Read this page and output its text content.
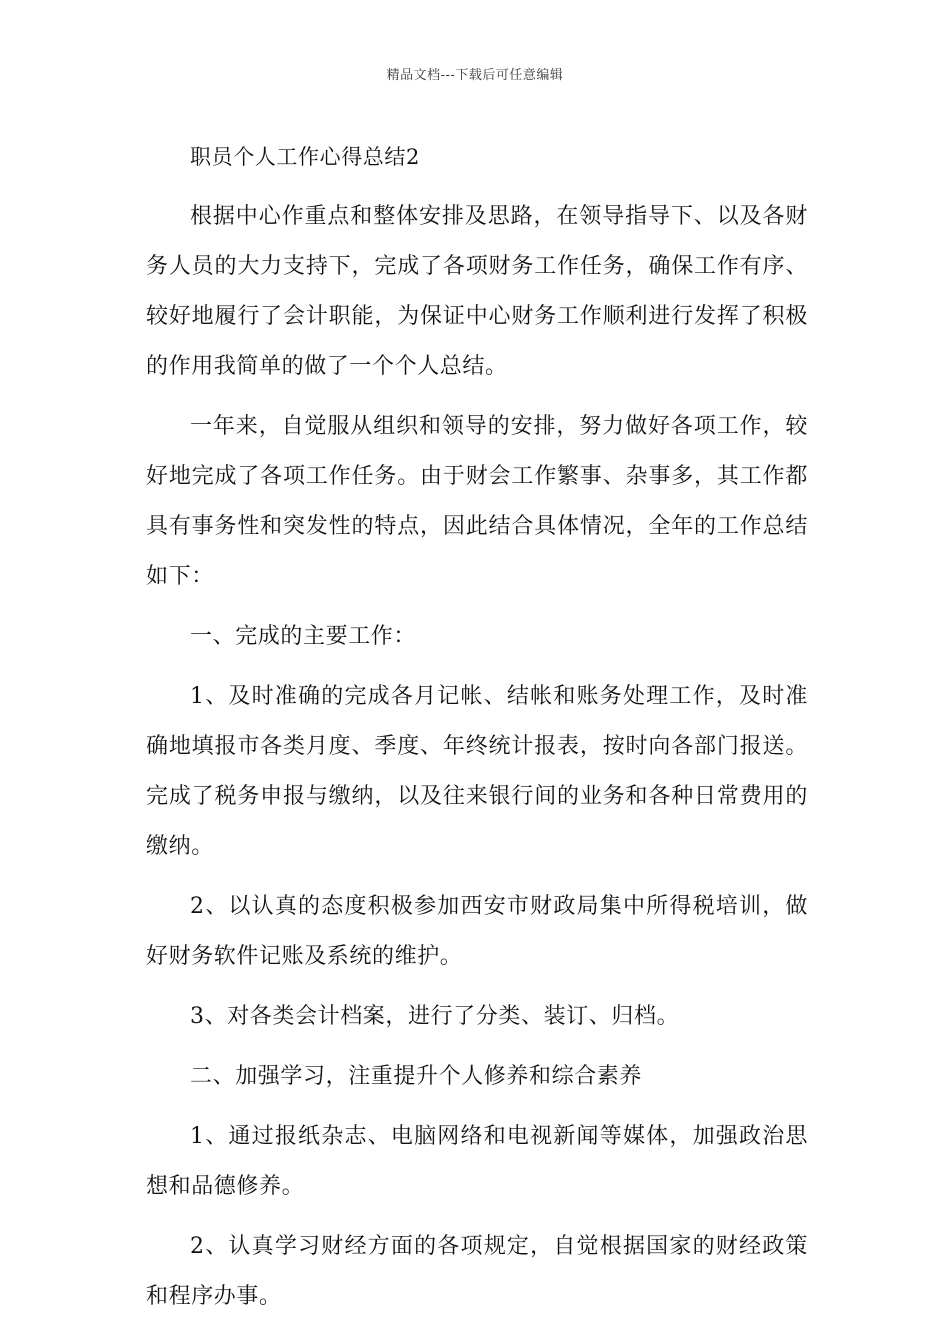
精品文档---下载后可任意编辑

职员个人工作心得总结2

根据中心作重点和整体安排及思路，在领导指导下、以及各财务人员的大力支持下，完成了各项财务工作任务，确保工作有序、较好地履行了会计职能，为保证中心财务工作顺利进行发挥了积极的作用我简单的做了一个个人总结。

一年来，自觉服从组织和领导的安排，努力做好各项工作，较好地完成了各项工作任务。由于财会工作繁事、杂事多，其工作都具有事务性和突发性的特点，因此结合具体情况，全年的工作总结如下：

一、完成的主要工作：

1、及时准确的完成各月记帐、结帐和账务处理工作，及时准确地填报市各类月度、季度、年终统计报表，按时向各部门报送。完成了税务申报与缴纳，以及往来银行间的业务和各种日常费用的缴纳。

2、以认真的态度积极参加西安市财政局集中所得税培训，做好财务软件记账及系统的维护。

3、对各类会计档案，进行了分类、装订、归档。

二、加强学习，注重提升个人修养和综合素养

1、通过报纸杂志、电脑网络和电视新闻等媒体，加强政治思想和品德修养。

2、认真学习财经方面的各项规定，自觉根据国家的财经政策和程序办事。
